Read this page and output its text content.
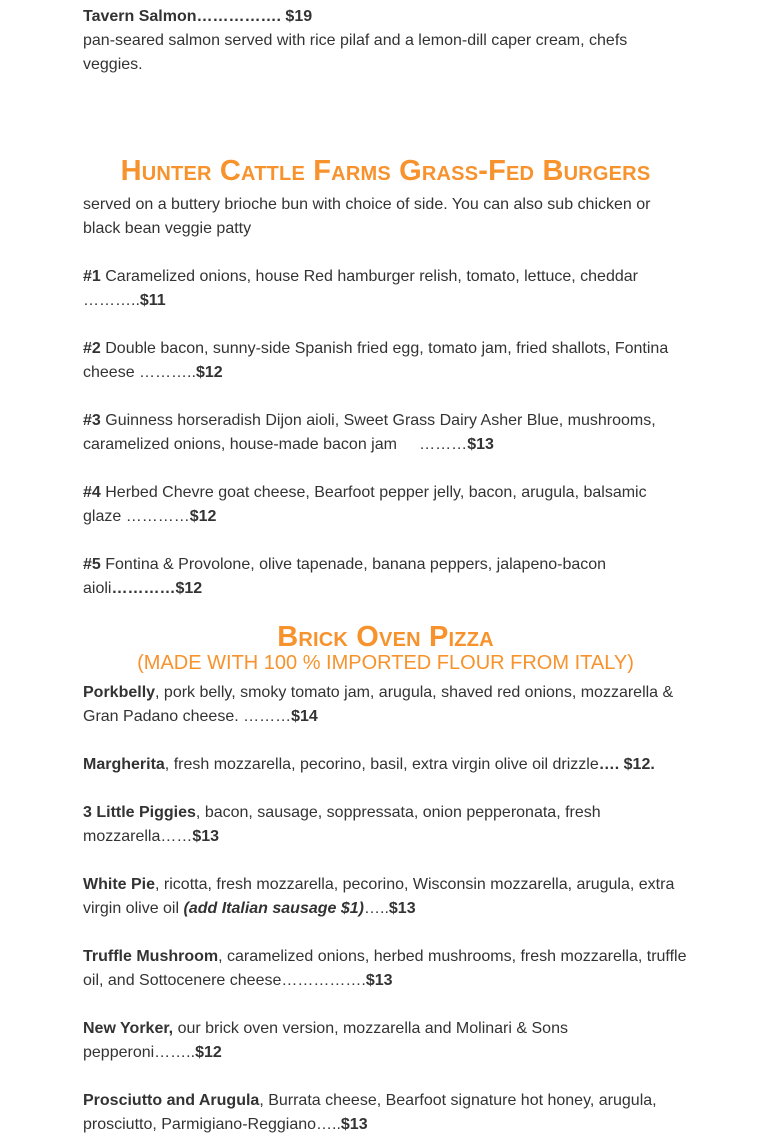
Tavern Salmon……………. $19
pan-seared salmon served with rice pilaf and a lemon-dill caper cream, chefs veggies.

Hunter Cattle Farms Grass-Fed Burgers

served on a buttery brioche bun with choice of side. You can also sub chicken or black bean veggie patty

#1 Caramelized onions, house Red hamburger relish, tomato, lettuce, cheddar ………..$11

#2 Double bacon, sunny-side Spanish fried egg, tomato jam, fried shallots, Fontina cheese ………..$12

#3 Guinness horseradish Dijon aioli, Sweet Grass Dairy Asher Blue, mushrooms, caramelized onions, house-made bacon jam     ………$13

#4 Herbed Chevre goat cheese, Bearfoot pepper jelly, bacon, arugula, balsamic glaze …………$12

#5 Fontina & Provolone, olive tapenade, banana peppers, jalapeno-bacon aioli…………$12

Brick Oven Pizza
(MADE WITH 100 % IMPORTED FLOUR FROM ITALY)

Porkbelly, pork belly, smoky tomato jam, arugula, shaved red onions, mozzarella & Gran Padano cheese. ………$14

Margherita, fresh mozzarella, pecorino, basil, extra virgin olive oil drizzle…. $12.

3 Little Piggies, bacon, sausage, soppressata, onion pepperonata, fresh mozzarella……$13

White Pie, ricotta, fresh mozzarella, pecorino, Wisconsin mozzarella, arugula, extra virgin olive oil (add Italian sausage $1)…..$13

Truffle Mushroom, caramelized onions, herbed mushrooms, fresh mozzarella, truffle oil, and Sottocenere cheese…………….$13

New Yorker, our brick oven version, mozzarella and Molinari & Sons pepperoni……..$12

Prosciutto and Arugula, Burrata cheese, Bearfoot signature hot honey, arugula, prosciutto, Parmigiano-Reggiano…..$13
